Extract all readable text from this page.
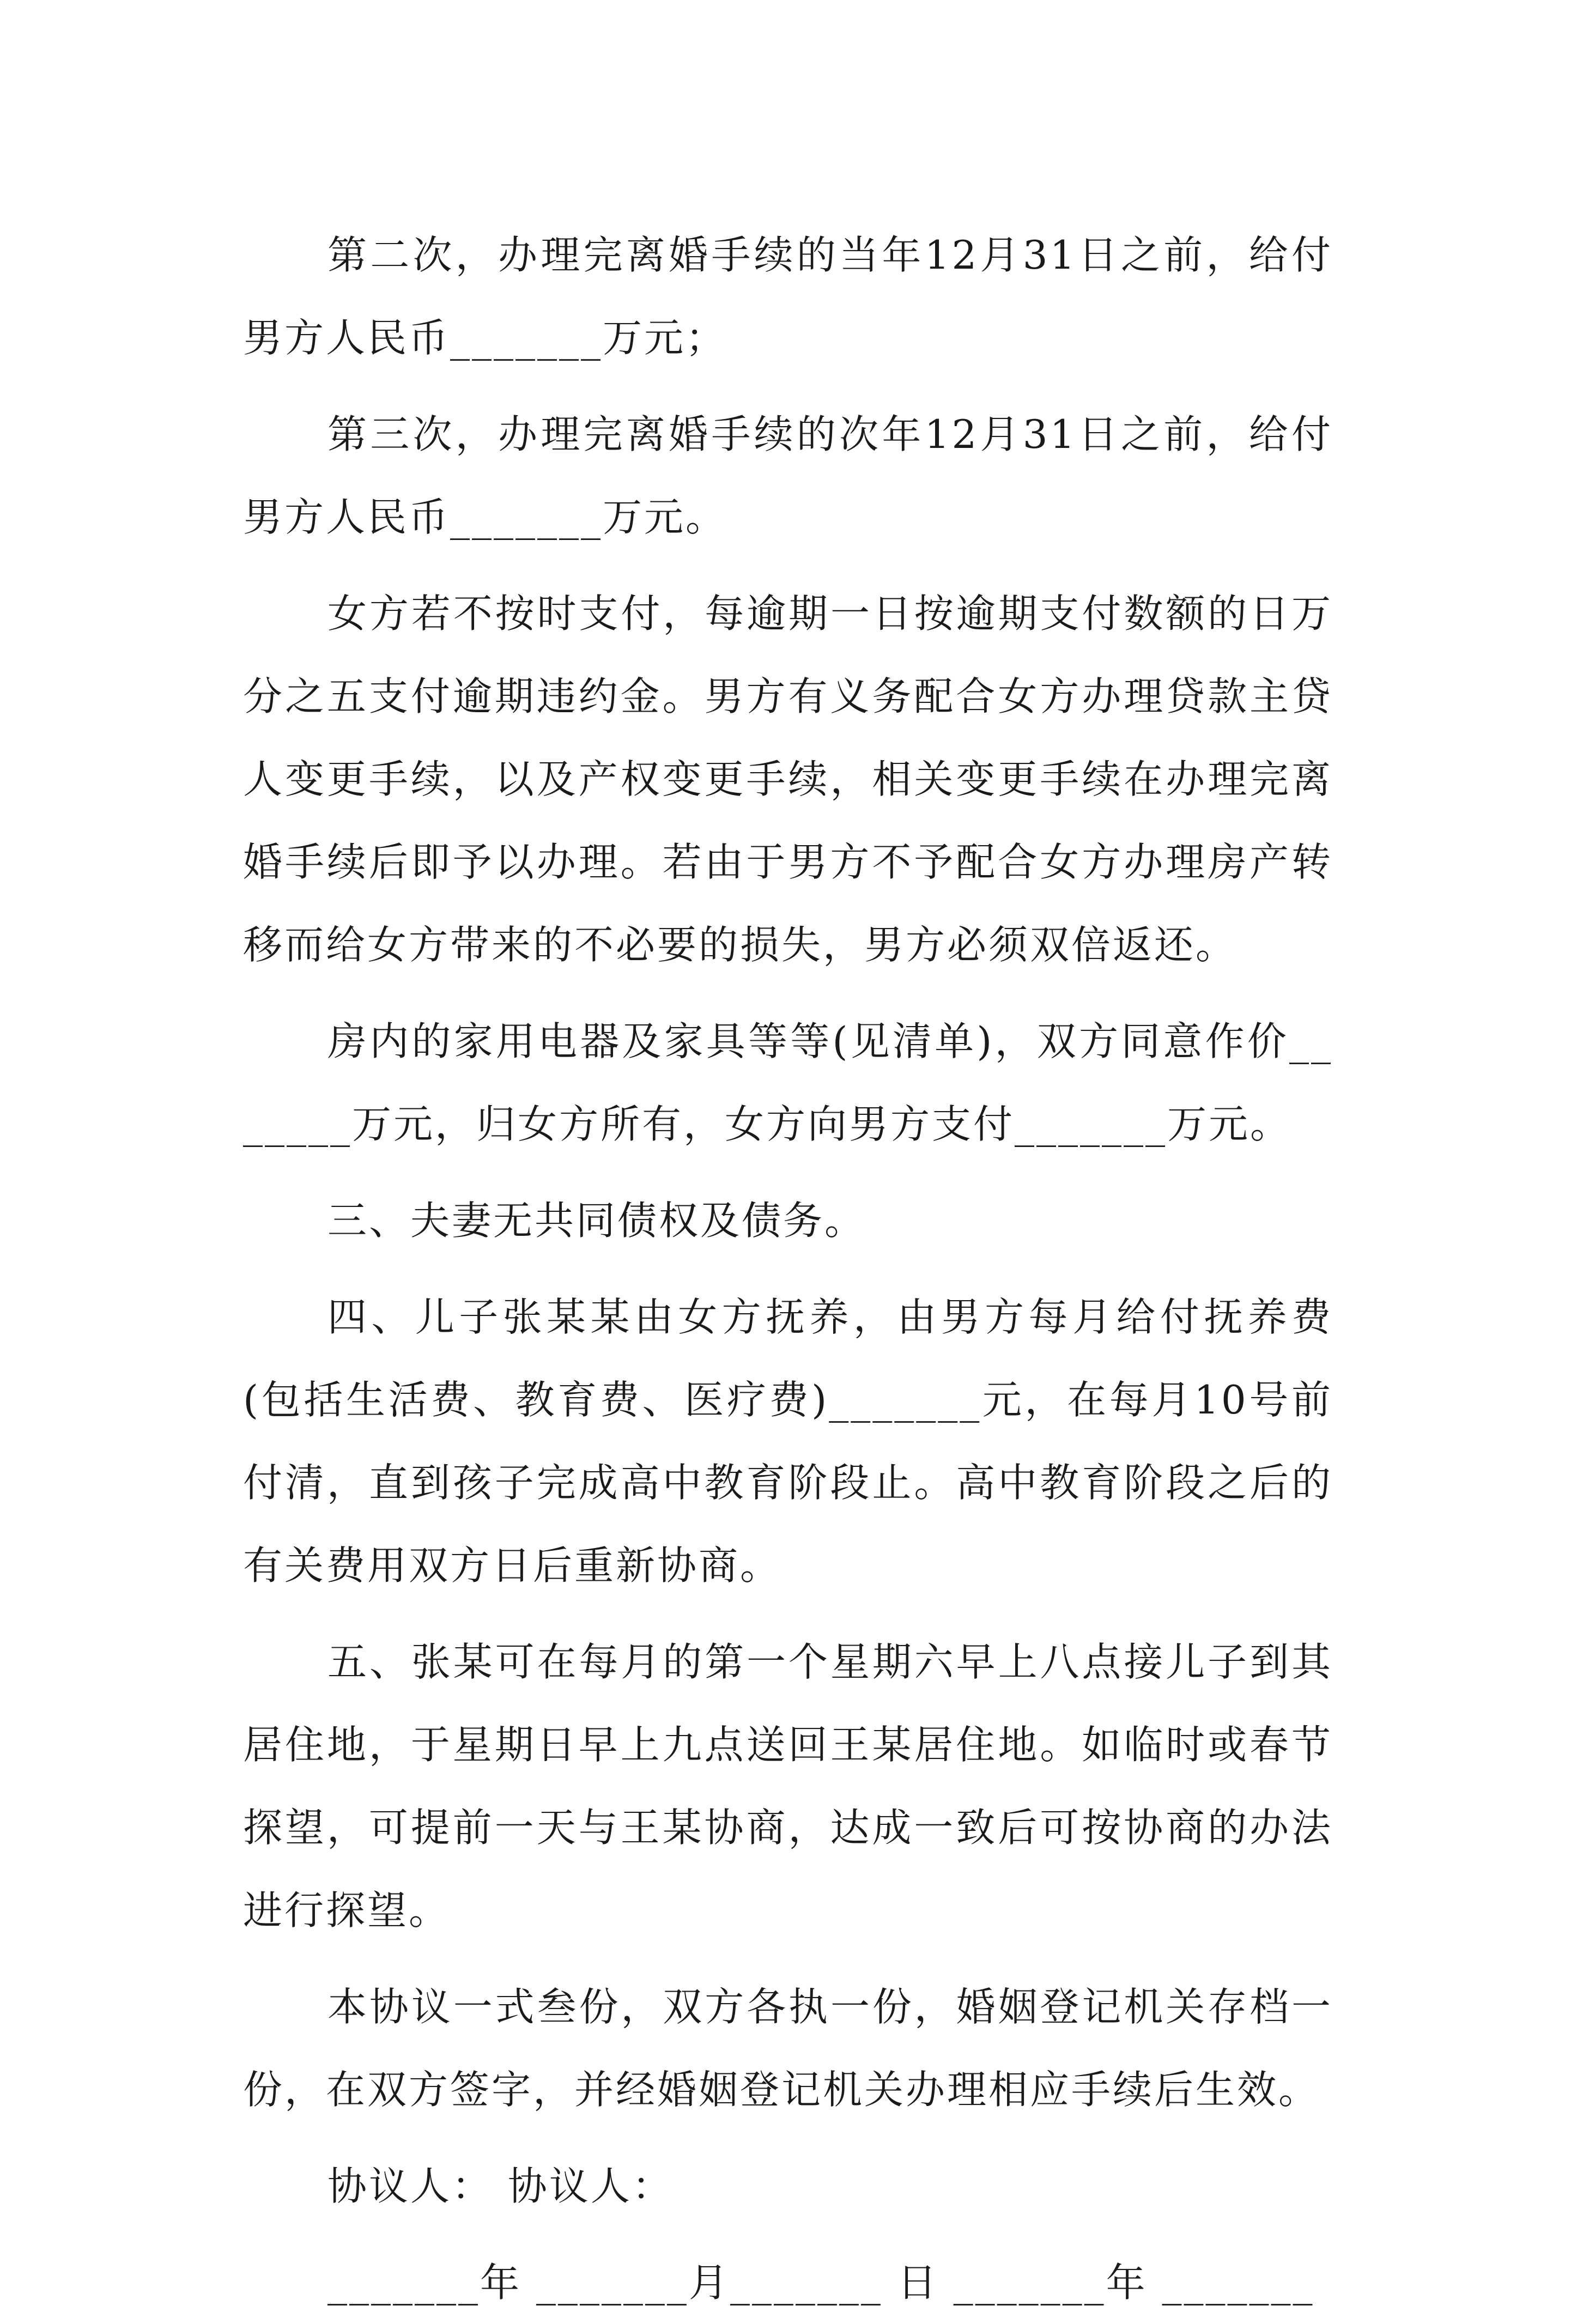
第二次，办理完离婚手续的当年12月31日之前，给付男方人民币_______万元；

第三次，办理完离婚手续的次年12月31日之前，给付男方人民币_______万元。

女方若不按时支付，每逾期一日按逾期支付数额的日万分之五支付逾期违约金。男方有义务配合女方办理贷款主贷人变更手续，以及产权变更手续，相关变更手续在办理完离婚手续后即予以办理。若由于男方不予配合女方办理房产转移而给女方带来的不必要的损失，男方必须双倍返还。

房内的家用电器及家具等等(见清单)，双方同意作价_______万元，归女方所有，女方向男方支付_______万元。

三、夫妻无共同债权及债务。

四、儿子张某某由女方抚养，由男方每月给付抚养费(包括生活费、教育费、医疗费)_______元，在每月10号前付清，直到孩子完成高中教育阶段止。高中教育阶段之后的有关费用双方日后重新协商。

五、张某可在每月的第一个星期六早上八点接儿子到其居住地，于星期日早上九点送回王某居住地。如临时或春节探望，可提前一天与王某协商，达成一致后可按协商的办法进行探望。

本协议一式叁份，双方各执一份，婚姻登记机关存档一份，在双方签字，并经婚姻登记机关办理相应手续后生效。

协议人： 协议人：

_______年 _______月_______ 日 _______年 _______
